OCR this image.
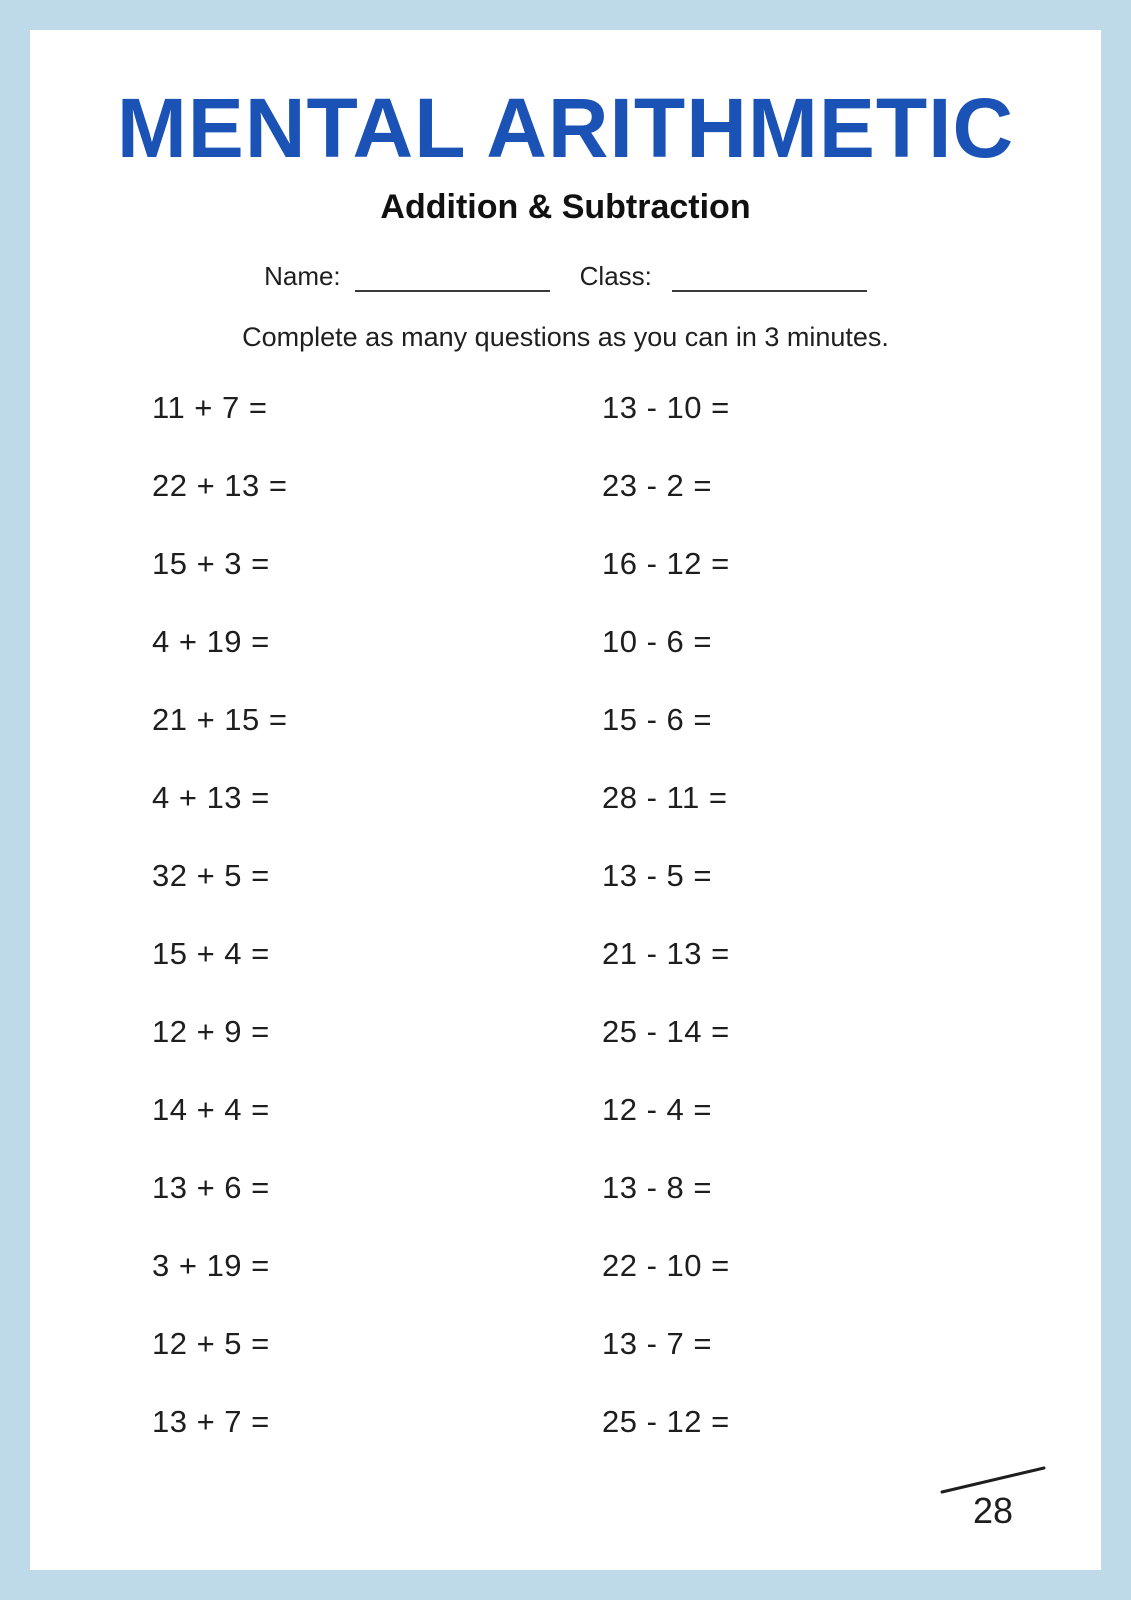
MENTAL ARITHMETIC
Addition & Subtraction
Name:	Class:
Complete as many questions as you can in 3 minutes.
11 + 7 =
22 + 13 =
15 + 3 =
4 + 19 =
21 + 15 =
4 + 13 =
32 + 5 =
15 + 4 =
12 + 9 =
14 + 4 =
13 + 6 =
3 + 19 =
12 + 5 =
13 + 7 =
13 - 10 =
23 - 2 =
16 - 12 =
10 - 6 =
15 - 6 =
28 - 11 =
13 - 5 =
21 - 13 =
25 - 14 =
12 - 4 =
13 - 8 =
22 - 10 =
13 - 7 =
25 - 12 =
28
